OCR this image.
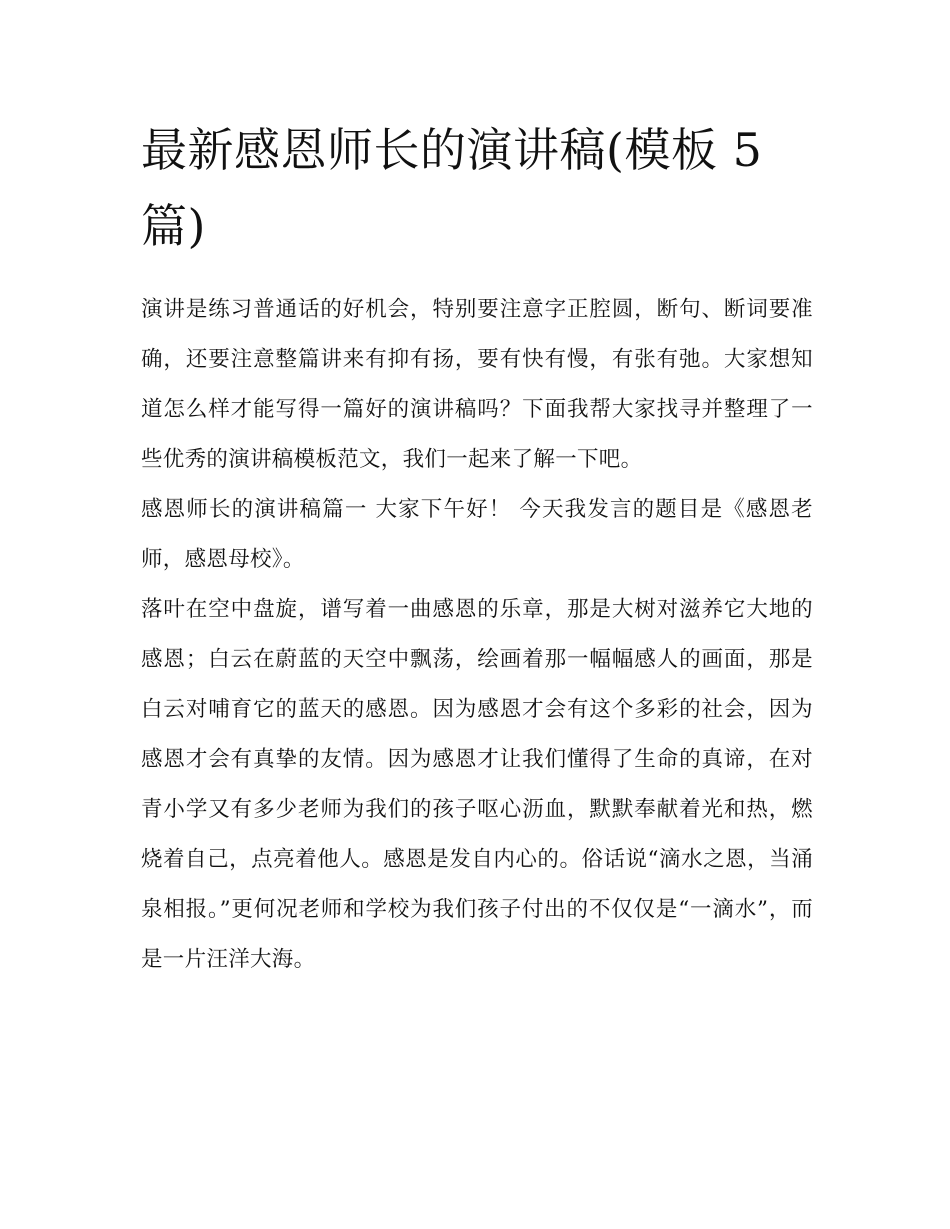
最新感恩师长的演讲稿(模板 5 篇)

演讲是练习普通话的好机会，特别要注意字正腔圆，断句、断词要准确，还要注意整篇讲来有抑有扬，要有快有慢，有张有弛。大家想知道怎么样才能写得一篇好的演讲稿吗？下面我帮大家找寻并整理了一些优秀的演讲稿模板范文，我们一起来了解一下吧。

感恩师长的演讲稿篇一 大家下午好！ 今天我发言的题目是《感恩老师，感恩母校》。

落叶在空中盘旋，谱写着一曲感恩的乐章，那是大树对滋养它大地的感恩；白云在蔚蓝的天空中飘荡，绘画着那一幅幅感人的画面，那是白云对哺育它的蓝天的感恩。因为感恩才会有这个多彩的社会，因为感恩才会有真挚的友情。因为感恩才让我们懂得了生命的真谛，在对青小学又有多少老师为我们的孩子呕心沥血，默默奉献着光和热，燃烧着自己，点亮着他人。感恩是发自内心的。俗话说“滴水之恩，当涌泉相报。”更何况老师和学校为我们孩子付出的不仅仅是“一滴水”，而是一片汪洋大海。
